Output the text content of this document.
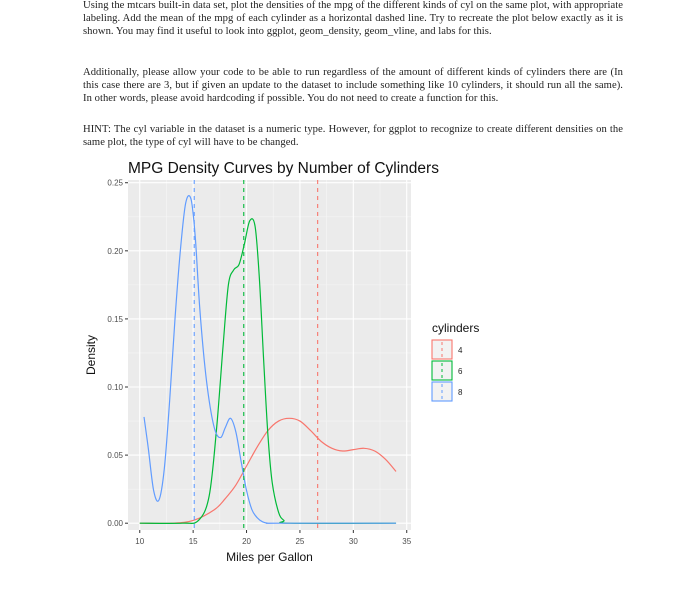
Using the mtcars built-in data set, plot the densities of the mpg of the different kinds of cyl on the same plot, with appropriate labeling. Add the mean of the mpg of each cylinder as a horizontal dashed line. Try to recreate the plot below exactly as it is shown. You may find it useful to look into ggplot, geom_density, geom_vline, and labs for this.

Additionally, please allow your code to be able to run regardless of the amount of different kinds of cylinders there are (In this case there are 3, but if given an update to the dataset to include something like 10 cylinders, it should run all the same). In other words, please avoid hardcoding if possible. You do not need to create a function for this.

HINT: The cyl variable in the dataset is a numeric type. However, for ggplot to recognize to create different densities on the same plot, the type of cyl will have to be changed.

MPG Density Curves by Number of Cylinders
0.00
0.05
0.10
0.15
0.20
0.25
10	15	20	25	30	35
Miles per Gallon
Density
cylinders
4
6
8
